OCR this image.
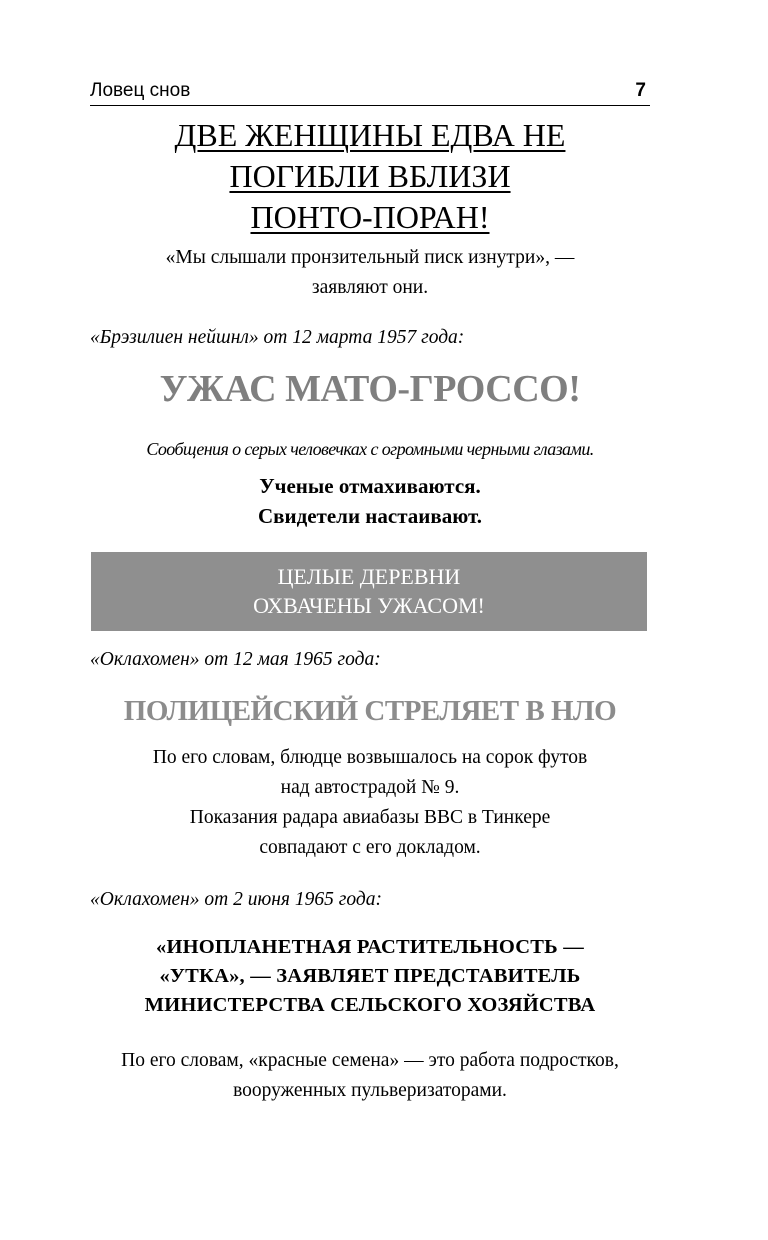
Ловец снов	7
ДВЕ ЖЕНЩИНЫ ЕДВА НЕ
ПОГИБЛИ ВБЛИЗИ
ПОНТО-ПОРАН!
«Мы слышали пронзительный писк изнутри», —
заявляют они.
«Брэзилиен нейшнл» от 12 марта 1957 года:
УЖАС МАТО-ГРОССО!
Сообщения о серых человечках с огромными черными глазами.
Ученые отмахиваются.
Свидетели настаивают.
ЦЕЛЫЕ ДЕРЕВНИ
ОХВАЧЕНЫ УЖАСОМ!
«Оклахомен» от 12 мая 1965 года:
ПОЛИЦЕЙСКИЙ СТРЕЛЯЕТ В НЛО
По его словам, блюдце возвышалось на сорок футов
над автострадой № 9.
Показания радара авиабазы ВВС в Тинкере
совпадают с его докладом.
«Оклахомен» от 2 июня 1965 года:
«ИНОПЛАНЕТНАЯ РАСТИТЕЛЬНОСТЬ —
«УТКА», — ЗАЯВЛЯЕТ ПРЕДСТАВИТЕЛЬ
МИНИСТЕРСТВА СЕЛЬСКОГО ХОЗЯЙСТВА
По его словам, «красные семена» — это работа подростков,
вооруженных пульверизаторами.
